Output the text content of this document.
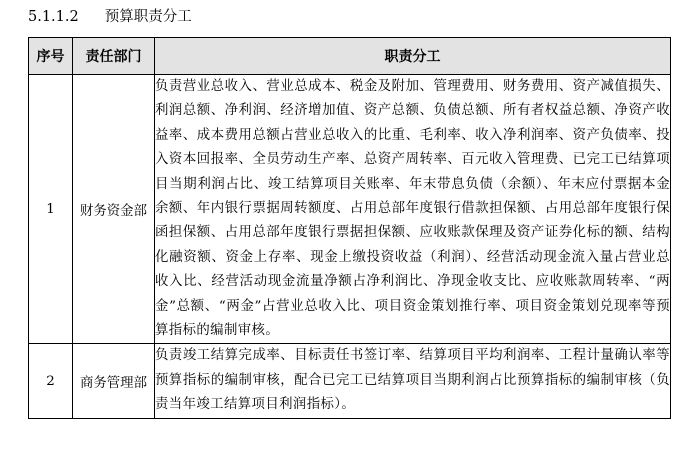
5.1.1.2 预算职责分工
序号	责任部门	职责分工
1	财务资金部	负责营业总收入、营业总成本、税金及附加、管理费用、财务费用、资产减值损失、利润总额、净利润、经济增加值、资产总额、负债总额、所有者权益总额、净资产收益率、成本费用总额占营业总收入的比重、毛利率、收入净利润率、资产负债率、投入资本回报率、全员劳动生产率、总资产周转率、百元收入管理费、已完工已结算项目当期利润占比、竣工结算项目关账率、年末带息负债（余额）、年末应付票据本金余额、年内银行票据周转额度、占用总部年度银行借款担保额、占用总部年度银行保函担保额、占用总部年度银行票据担保额、应收账款保理及资产证券化标的额、结构化融资额、资金上存率、现金上缴投资收益（利润）、经营活动现金流入量占营业总收入比、经营活动现金流量净额占净利润比、净现金收支比、应收账款周转率、“两金”总额、“两金”占营业总收入比、项目资金策划推行率、项目资金策划兑现率等预算指标的编制审核。
2	商务管理部	负责竣工结算完成率、目标责任书签订率、结算项目平均利润率、工程计量确认率等预算指标的编制审核，配合已完工已结算项目当期利润占比预算指标的编制审核（负责当年竣工结算项目利润指标）。
